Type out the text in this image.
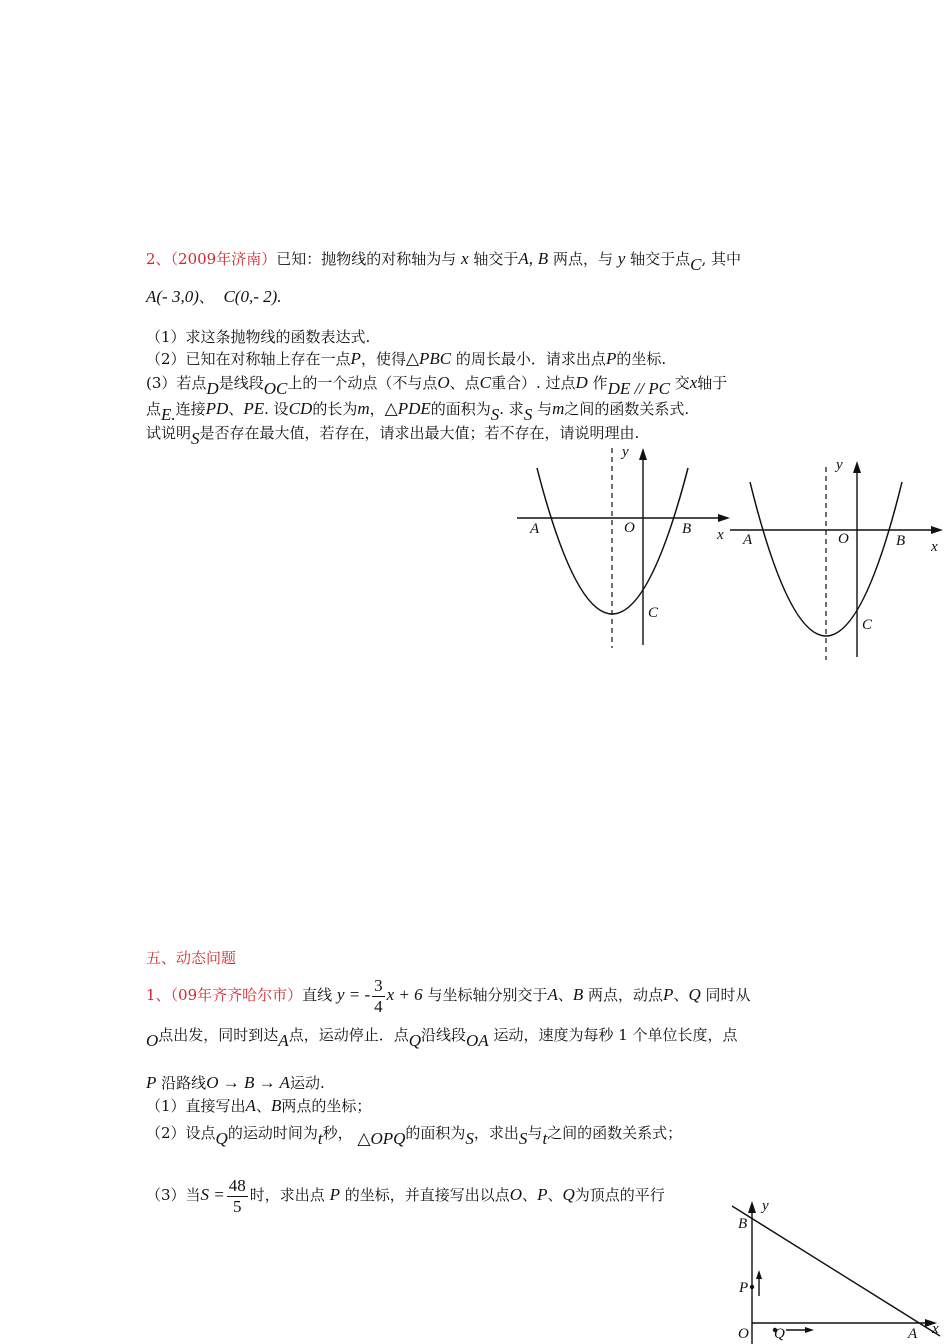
2、（2009年济南）已知：抛物线的对称轴为与 x 轴交于A, B 两点，与 y 轴交于点C, 其中
A(- 3,0)、 C(0,- 2).
（1）求这条抛物线的函数表达式.
（2）已知在对称轴上存在一点P，使得△PBC 的周长最小．请求出点P的坐标.
(3）若点D是线段OC上的一个动点（不与点O、点C重合）. 过点D 作DE // PC 交x轴于
点E.连接PD、PE. 设CD的长为m，△PDE的面积为S. 求S 与m之间的函数关系式.
试说明S是否存在最大值，若存在，请求出最大值；若不存在，请说明理由.
y
A	O	B x
C
y
A	O	B x
C
五、动态问题
1、（09年齐齐哈尔市）直线 y = - $\frac{3}{4}$ x + 6 与坐标轴分别交于A、B 两点，动点P、Q 同时从
O点出发，同时到达A点，运动停止．点Q沿线段OA 运动，速度为每秒 1 个单位长度，点
P 沿路线O → B → A运动.
（1）直接写出A、B两点的坐标；
（2）设点Q的运动时间为t秒， △OPQ的面积为S，求出S与t之间的函数关系式；
（3）当$S = \frac{48}{5}$ 时，求出点 P 的坐标，并直接写出以点O、P、Q为顶点的平行
B
y
P
x
O Q	A
